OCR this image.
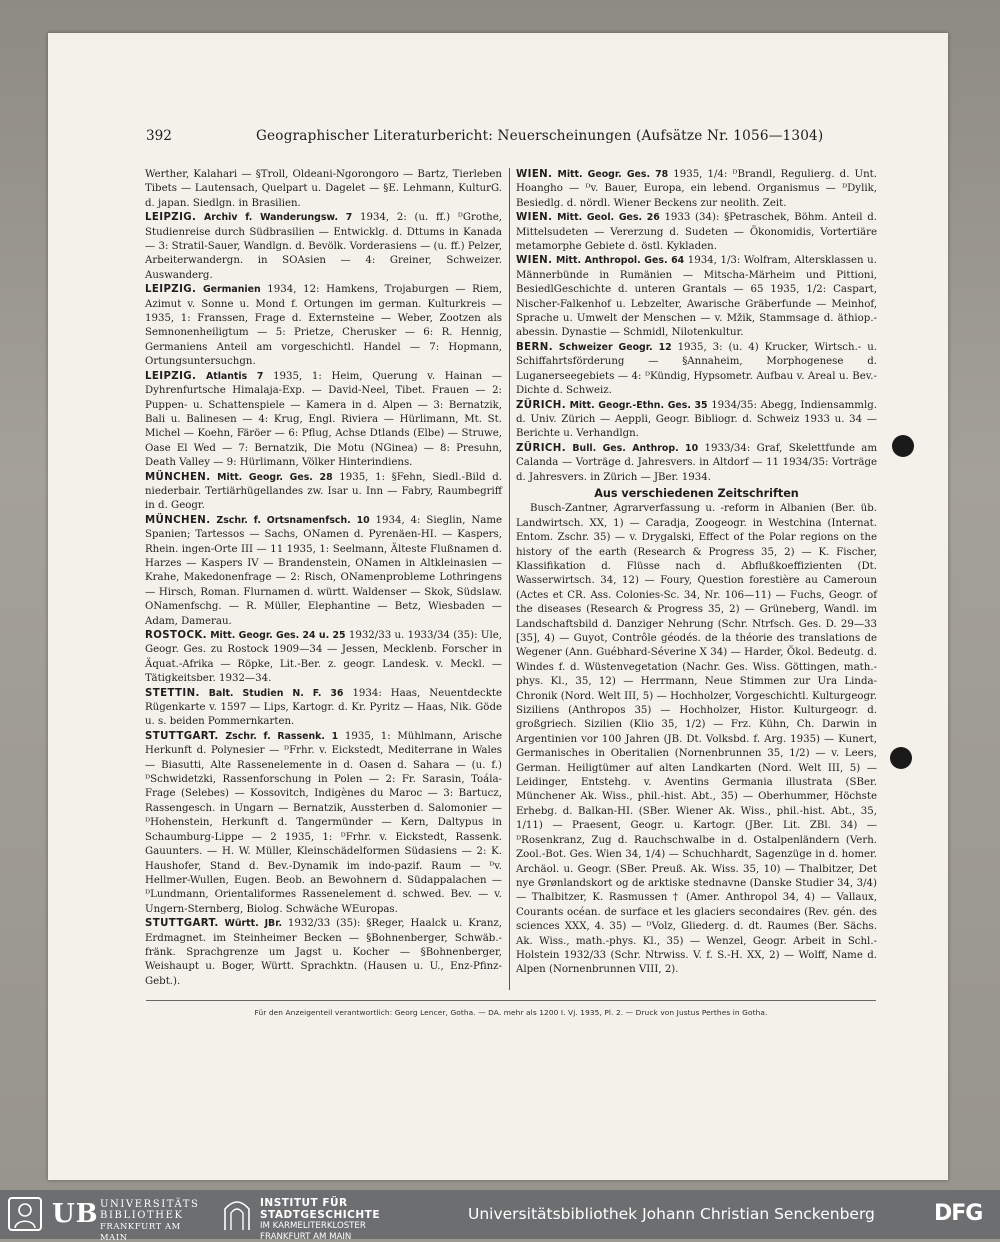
392	Geographischer Literaturbericht: Neuerscheinungen (Aufsätze Nr. 1056—1304)

Werther, Kalahari — §Troll, Oldeani-Ngorongoro — Bartz, Tierleben Tibets — Lautensach, Quelpart u. Dagelet — §E. Lehmann, KulturG. d. japan. Siedlgn. in Brasilien.

LEIPZIG. Archiv f. Wanderungsw. 7 1934, 2: (u. ff.) ᴰGrothe, Studienreise durch Südbrasilien — Entwicklg. d. Dttums in Kanada — 3: Stratil-Sauer, Wandlgn. d. Bevölk. Vorderasiens — (u. ff.) Pelzer, Arbeiterwandergn. in SOAsien — 4: Greiner, Schweizer. Auswanderg.

LEIPZIG. Germanien 1934, 12: Hamkens, Trojaburgen — Riem, Azimut v. Sonne u. Mond f. Ortungen im german. Kulturkreis — 1935, 1: Franssen, Frage d. Externsteine — Weber, Zootzen als Semnonenheiligtum — 5: Prietze, Cherusker — 6: R. Hennig, Germaniens Anteil am vorgeschichtl. Handel — 7: Hopmann, Ortungsuntersuchgn.

LEIPZIG. Atlantis 7 1935, 1: Heim, Querung v. Hainan — Dyhrenfurtsche Himalaja-Exp. — David-Neel, Tibet. Frauen — 2: Puppen- u. Schattenspiele — Kamera in d. Alpen — 3: Bernatzik, Bali u. Balinesen — 4: Krug, Engl. Riviera — Hürlimann, Mt. St. Michel — Koehn, Färöer — 6: Pflug, Achse Dtlands (Elbe) — Struwe, Oase El Wed — 7: Bernatzik, Die Motu (NGinea) — 8: Presuhn, Death Valley — 9: Hürlimann, Völker Hinterindiens.

MÜNCHEN. Mitt. Geogr. Ges. 28 1935, 1: §Fehn, Siedl.-Bild d. niederbair. Tertiärhügellandes zw. Isar u. Inn — Fabry, Raumbegriff in d. Geogr.

MÜNCHEN. Zschr. f. Ortsnamenfsch. 10 1934, 4: Sieglin, Name Spanien; Tartessos — Sachs, ONamen d. Pyrenäen-HI. — Kaspers, Rhein. ingen-Orte III — 11 1935, 1: Seelmann, Älteste Flußnamen d. Harzes — Kaspers IV — Brandenstein, ONamen in Altkleinasien — Krahe, Makedonenfrage — 2: Risch, ONamenprobleme Lothringens — Hirsch, Roman. Flurnamen d. württ. Waldenser — Skok, Südslaw. ONamenfschg. — R. Müller, Elephantine — Betz, Wiesbaden — Adam, Damerau.

ROSTOCK. Mitt. Geogr. Ges. 24 u. 25 1932/33 u. 1933/34 (35): Ule, Geogr. Ges. zu Rostock 1909—34 — Jessen, Mecklenb. Forscher in Äquat.-Afrika — Röpke, Lit.-Ber. z. geogr. Landesk. v. Meckl. — Tätigkeitsber. 1932—34.

STETTIN. Balt. Studien N. F. 36 1934: Haas, Neuentdeckte Rügenkarte v. 1597 — Lips, Kartogr. d. Kr. Pyritz — Haas, Nik. Göde u. s. beiden Pommernkarten.

STUTTGART. Zschr. f. Rassenk. 1 1935, 1: Mühlmann, Arische Herkunft d. Polynesier — ᴰFrhr. v. Eickstedt, Mediterrane in Wales — Biasutti, Alte Rassenelemente in d. Oasen d. Sahara — (u. f.) ᴰSchwidetzki, Rassenforschung in Polen — 2: Fr. Sarasin, Toála-Frage (Selebes) — Kossovitch, Indigènes du Maroc — 3: Bartucz, Rassengesch. in Ungarn — Bernatzik, Aussterben d. Salomonier — ᴰHohenstein, Herkunft d. Tangermünder — Kern, Daltypus in Schaumburg-Lippe — 2 1935, 1: ᴰFrhr. v. Eickstedt, Rassenk. Gauunters. — H. W. Müller, Kleinschädelformen Südasiens — 2: K. Haushofer, Stand d. Bev.-Dynamik im indo-pazif. Raum — ᴰv. Hellmer-Wullen, Eugen. Beob. an Bewohnern d. Südappalachen — ᴰLundmann, Orientaliformes Rassenelement d. schwed. Bev. — v. Ungern-Sternberg, Biolog. Schwäche WEuropas.

STUTTGART. Württ. JBr. 1932/33 (35): §Reger, Haalck u. Kranz, Erdmagnet. im Steinheimer Becken — §Bohnenberger, Schwäb.-fränk. Sprachgrenze um Jagst u. Kocher — §Bohnenberger, Weishaupt u. Boger, Württ. Sprachktn. (Hausen u. U., Enz-Pfinz-Gebt.).

WIEN. Mitt. Geogr. Ges. 78 1935, 1/4: ᴰBrandl, Regulierg. d. Unt. Hoangho — ᴰv. Bauer, Europa, ein lebend. Organismus — ᴰDylik, Besiedlg. d. nördl. Wiener Beckens zur neolith. Zeit.

WIEN. Mitt. Geol. Ges. 26 1933 (34): §Petraschek, Böhm. Anteil d. Mittelsudeten — Vererzung d. Sudeten — Ökonomidis, Vortertiäre metamorphe Gebiete d. östl. Kykladen.

WIEN. Mitt. Anthropol. Ges. 64 1934, 1/3: Wolfram, Altersklassen u. Männerbünde in Rumänien — Mitscha-Märheim und Pittioni, BesiedlGeschichte d. unteren Grantals — 65 1935, 1/2: Caspart, Nischer-Falkenhof u. Lebzelter, Awarische Gräberfunde — Meinhof, Sprache u. Umwelt der Menschen — v. Mžik, Stammsage d. äthiop.-abessin. Dynastie — Schmidl, Nilotenkultur.

BERN. Schweizer Geogr. 12 1935, 3: (u. 4) Krucker, Wirtsch.- u. Schiffahrtsförderung — §Annaheim, Morphogenese d. Luganerseegebiets — 4: ᴰKündig, Hypsometr. Aufbau v. Areal u. Bev.-Dichte d. Schweiz.

ZÜRICH. Mitt. Geogr.-Ethn. Ges. 35 1934/35: Abegg, Indiensammlg. d. Univ. Zürich — Aeppli, Geogr. Bibliogr. d. Schweiz 1933 u. 34 — Berichte u. Verhandlgn.

ZÜRICH. Bull. Ges. Anthrop. 10 1933/34: Graf, Skelettfunde am Calanda — Vorträge d. Jahresvers. in Altdorf — 11 1934/35: Vorträge d. Jahresvers. in Zürich — JBer. 1934.

Aus verschiedenen Zeitschriften

Busch-Zantner, Agrarverfassung u. -reform in Albanien (Ber. üb. Landwirtsch. XX, 1) — Caradja, Zoogeogr. in Westchina (Internat. Entom. Zschr. 35) — v. Drygalski, Effect of the Polar regions on the history of the earth (Research & Progress 35, 2) — K. Fischer, Klassifikation d. Flüsse nach d. Abflußkoeffizienten (Dt. Wasserwirtsch. 34, 12) — Foury, Question forestière au Cameroun (Actes et CR. Ass. Colonies-Sc. 34, Nr. 106—11) — Fuchs, Geogr. of the diseases (Research & Progress 35, 2) — Grüneberg, Wandl. im Landschaftsbild d. Danziger Nehrung (Schr. Ntrfsch. Ges. D. 29—33 [35], 4) — Guyot, Contrôle géodés. de la théorie des translations de Wegener (Ann. Guébhard-Séverine X 34) — Harder, Ökol. Bedeutg. d. Windes f. d. Wüstenvegetation (Nachr. Ges. Wiss. Göttingen, math.-phys. Kl., 35, 12) — Herrmann, Neue Stimmen zur Ura Linda-Chronik (Nord. Welt III, 5) — Hochholzer, Vorgeschichtl. Kulturgeogr. Siziliens (Anthropos 35) — Hochholzer, Histor. Kulturgeogr. d. großgriech. Sizilien (Klio 35, 1/2) — Frz. Kühn, Ch. Darwin in Argentinien vor 100 Jahren (JB. Dt. Volksbd. f. Arg. 1935) — Kunert, Germanisches in Oberitalien (Nornenbrunnen 35, 1/2) — v. Leers, German. Heiligtümer auf alten Landkarten (Nord. Welt III, 5) — Leidinger, Entstehg. v. Aventins Germania illustrata (SBer. Münchener Ak. Wiss., phil.-hist. Abt., 35) — Oberhummer, Höchste Erhebg. d. Balkan-HI. (SBer. Wiener Ak. Wiss., phil.-hist. Abt., 35, 1/11) — Praesent, Geogr. u. Kartogr. (JBer. Lit. ZBl. 34) — ᴰRosenkranz, Zug d. Rauchschwalbe in d. Ostalpenländern (Verh. Zool.-Bot. Ges. Wien 34, 1/4) — Schuchhardt, Sagenzüge in d. homer. Archäol. u. Geogr. (SBer. Preuß. Ak. Wiss. 35, 10) — Thalbitzer, Det nye Grønlandskort og de arktiske stednavne (Danske Studier 34, 3/4) — Thalbitzer, K. Rasmussen † (Amer. Anthropol 34, 4) — Vallaux, Courants océan. de surface et les glaciers secondaires (Rev. gén. des sciences XXX, 4. 35) — ᴰVolz, Gliederg. d. dt. Raumes (Ber. Sächs. Ak. Wiss., math.-phys. Kl., 35) — Wenzel, Geogr. Arbeit in Schl.-Holstein 1932/33 (Schr. Ntrwiss. V. f. S.-H. XX, 2) — Wolff, Name d. Alpen (Nornenbrunnen VIII, 2).

Für den Anzeigenteil verantwortlich: Georg Lencer, Gotha. — DA. mehr als 1200 I. Vj. 1935, Pl. 2. — Druck von Justus Perthes in Gotha.
UB UNIVERSITÄTS
BIBLIOTHEK
FRANKFURT AM MAIN
INSTITUT FÜR
STADTGESCHICHTE
IM KARMELITERKLOSTER
FRANKFURT AM MAIN
Universitätsbibliothek Johann Christian Senckenberg	DFG
